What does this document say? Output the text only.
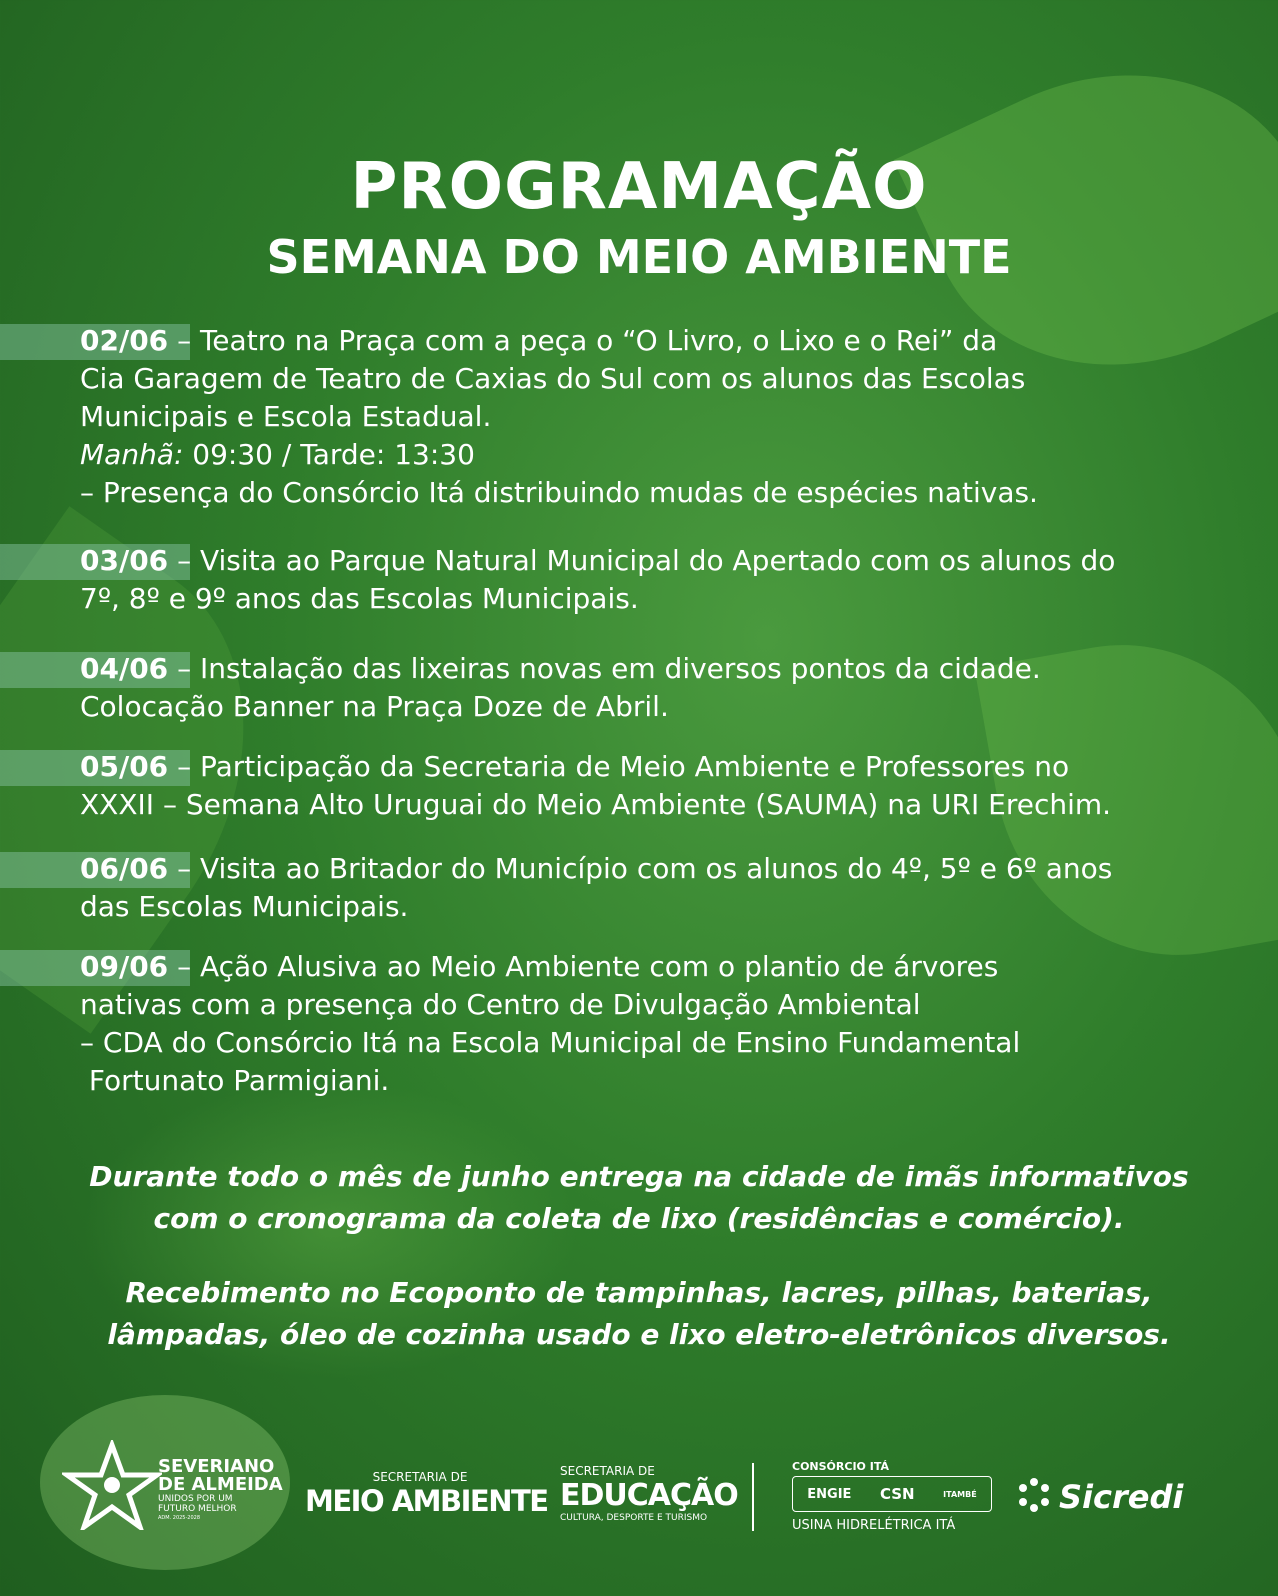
PROGRAMAÇÃO
SEMANA DO MEIO AMBIENTE
02/06 – Teatro na Praça com a peça o “O Livro, o Lixo e o Rei” da
Cia Garagem de Teatro de Caxias do Sul com os alunos das Escolas
Municipais e Escola Estadual.
Manhã: 09:30 / Tarde: 13:30
– Presença do Consórcio Itá distribuindo mudas de espécies nativas.
03/06 – Visita ao Parque Natural Municipal do Apertado com os alunos do
7º, 8º e 9º anos das Escolas Municipais.
04/06 – Instalação das lixeiras novas em diversos pontos da cidade.
Colocação Banner na Praça Doze de Abril.
05/06 – Participação da Secretaria de Meio Ambiente e Professores no
XXXII – Semana Alto Uruguai do Meio Ambiente (SAUMA) na URI Erechim.
06/06 – Visita ao Britador do Município com os alunos do 4º, 5º e 6º anos
das Escolas Municipais.
09/06 – Ação Alusiva ao Meio Ambiente com o plantio de árvores
nativas com a presença do Centro de Divulgação Ambiental
– CDA do Consórcio Itá na Escola Municipal de Ensino Fundamental
Fortunato Parmigiani.
Durante todo o mês de junho entrega na cidade de imãs informativos
com o cronograma da coleta de lixo (residências e comércio).
Recebimento no Ecoponto de tampinhas, lacres, pilhas, baterias,
lâmpadas, óleo de cozinha usado e lixo eletro-eletrônicos diversos.
SEVERIANO
DE ALMEIDA
UNIDOS POR UM
FUTURO MELHOR
ADM. 2025-2028
SECRETARIA DE
MEIO AMBIENTE
SECRETARIA DE
EDUCAÇÃO
CULTURA, DESPORTE E TURISMO
CONSÓRCIO ITÁ
ENGIE CSN	ITAMBÉ
USINA HIDRELÉTRICA ITÁ
Sicredi
